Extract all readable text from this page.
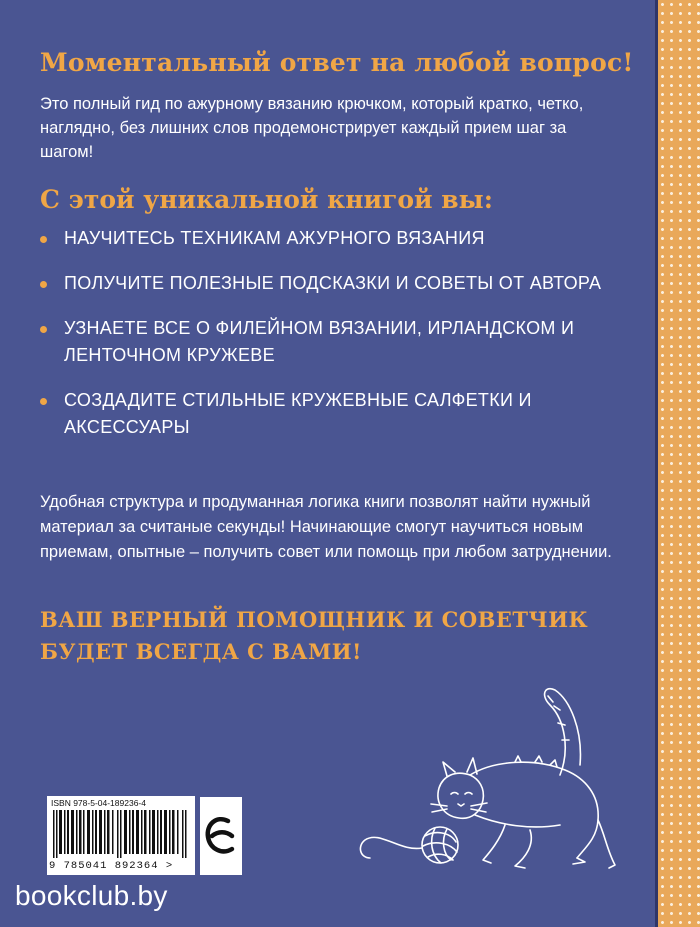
Моментальный ответ на любой вопрос!
Это полный гид по ажурному вязанию крючком, который кратко, четко, наглядно, без лишних слов продемонстрирует каждый прием шаг за шагом!
С этой уникальной книгой вы:
НАУЧИТЕСЬ ТЕХНИКАМ АЖУРНОГО ВЯЗАНИЯ
ПОЛУЧИТЕ ПОЛЕЗНЫЕ ПОДСКАЗКИ И СОВЕТЫ ОТ АВТОРА
УЗНАЕТЕ ВСЕ О ФИЛЕЙНОМ ВЯЗАНИИ, ИРЛАНДСКОМ И ЛЕНТОЧНОМ КРУЖЕВЕ
СОЗДАДИТЕ СТИЛЬНЫЕ КРУЖЕВНЫЕ САЛФЕТКИ И АКСЕССУАРЫ
Удобная структура и продуманная логика книги позволят найти нужный материал за считаные секунды! Начинающие смогут научиться новым приемам, опытные – получить совет или помощь при любом затруднении.
ВАШ ВЕРНЫЙ ПОМОЩНИК И СОВЕТЧИК
БУДЕТ ВСЕГДА С ВАМИ!
ISBN 978-5-04-189236-4
9 785041 892364 >
bookclub.by
